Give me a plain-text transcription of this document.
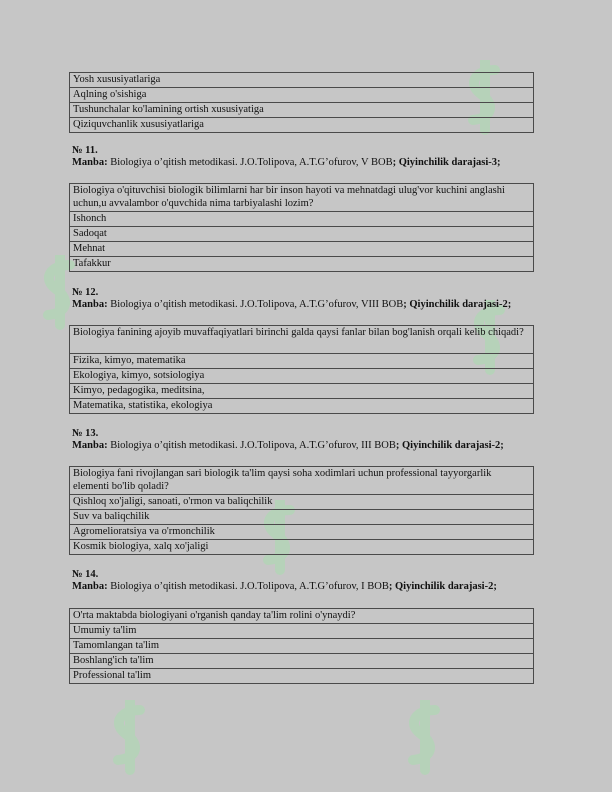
Yosh xususiyatlariga
Aqlning o'sishiga
Tushunchalar ko'lamining ortish xususiyatiga
Qiziquvchanlik xususiyatlariga
№ 11.
Manba: Biologiya o’qitish metodikasi. J.O.Tolipova, A.T.G’ofurov, V BOB; Qiyinchilik darajasi-3;
Biologiya o'qituvchisi biologik bilimlarni har bir inson hayoti va mehnatdagi ulug'vor kuchini anglashi uchun,u avvalambor o'quvchida nima tarbiyalashi lozim?
Ishonch
Sadoqat
Mehnat
Tafakkur
№ 12.
Manba: Biologiya o’qitish metodikasi. J.O.Tolipova, A.T.G’ofurov, VIII BOB; Qiyinchilik darajasi-2;
Biologiya fanining ajoyib muvaffaqiyatlari birinchi galda qaysi fanlar bilan bog'lanish orqali kelib chiqadi?
Fizika, kimyo, matematika
Ekologiya, kimyo, sotsiologiya
Kimyo, pedagogika, meditsina,
Matematika, statistika, ekologiya
№ 13.
Manba: Biologiya o’qitish metodikasi. J.O.Tolipova, A.T.G’ofurov, III BOB; Qiyinchilik darajasi-2;
Biologiya fani rivojlangan sari biologik ta'lim qaysi soha xodimlari uchun professional tayyorgarlik elementi bo'lib qoladi?
Qishloq xo'jaligi, sanoati, o'rmon va baliqchilik
Suv va baliqchilik
Agromelioratsiya va o'rmonchilik
Kosmik biologiya, xalq xo'jaligi
№ 14.
Manba: Biologiya o’qitish metodikasi. J.O.Tolipova, A.T.G’ofurov, I BOB; Qiyinchilik darajasi-2;
O'rta maktabda biologiyani o'rganish qanday ta'lim rolini o'ynaydi?
Umumiy ta'lim
Tamomlangan ta'lim
Boshlang'ich ta'lim
Professional ta'lim
